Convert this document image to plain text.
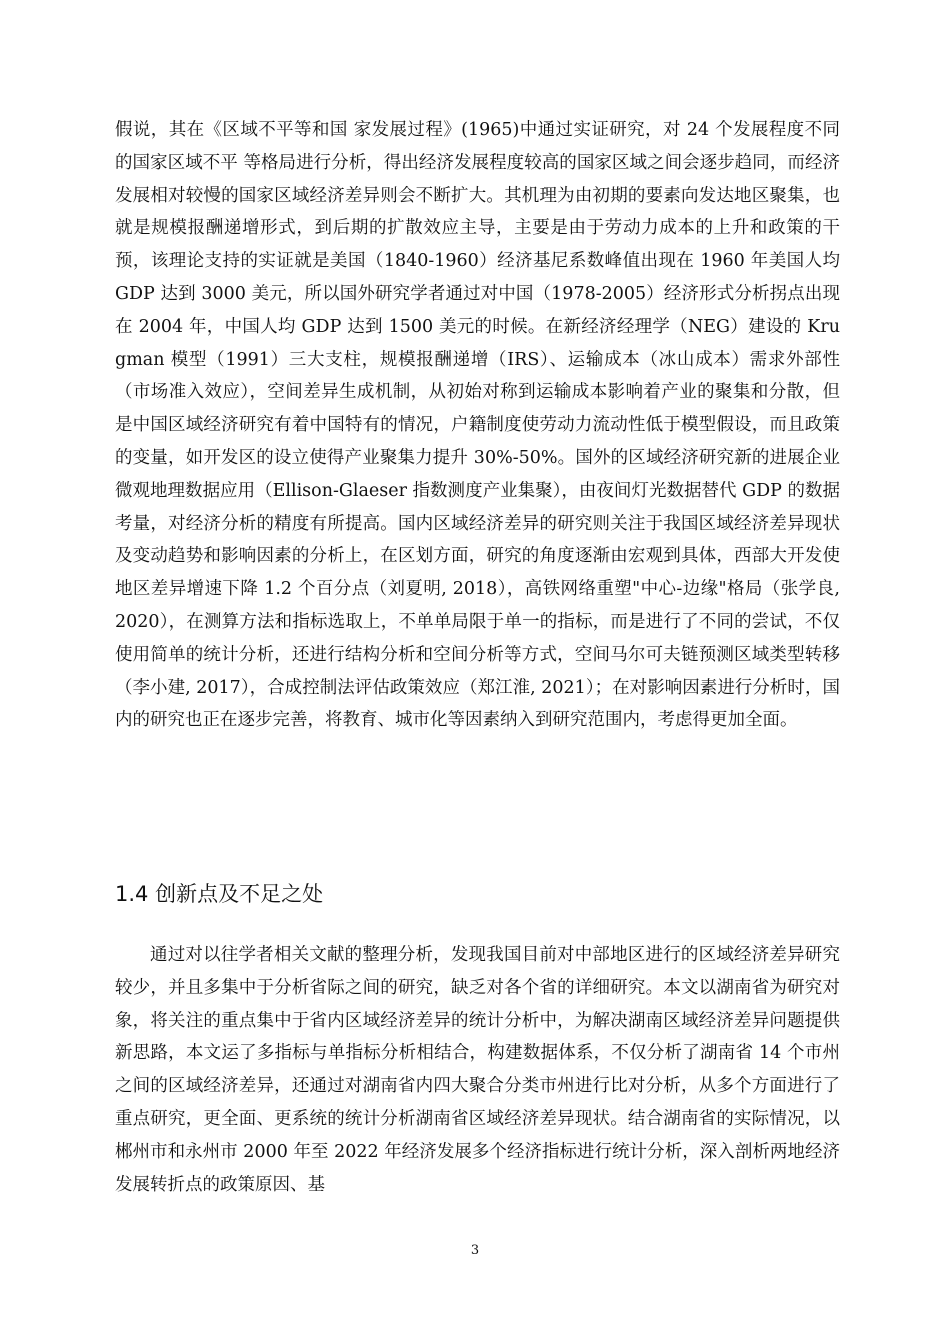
假说，其在《区域不平等和国 家发展过程》(1965)中通过实证研究，对 24 个发展程度不同的国家区域不平 等格局进行分析，得出经济发展程度较高的国家区域之间会逐步趋同，而经济发展相对较慢的国家区域经济差异则会不断扩大。其机理为由初期的要素向发达地区聚集，也就是规模报酬递增形式，到后期的扩散效应主导，主要是由于劳动力成本的上升和政策的干预，该理论支持的实证就是美国（1840-1960）经济基尼系数峰值出现在 1960 年美国人均 GDP 达到 3000 美元，所以国外研究学者通过对中国（1978-2005）经济形式分析拐点出现在 2004 年，中国人均 GDP 达到 1500 美元的时候。在新经济经理学（NEG）建设的 Krugman 模型（1991）三大支柱，规模报酬递增（IRS）、运输成本（冰山成本）需求外部性（市场准入效应），空间差异生成机制，从初始对称到运输成本影响着产业的聚集和分散，但是中国区域经济研究有着中国特有的情况，户籍制度使劳动力流动性低于模型假设，而且政策的变量，如开发区的设立使得产业聚集力提升 30%-50%。国外的区域经济研究新的进展企业微观地理数据应用（Ellison-Glaeser 指数测度产业集聚），由夜间灯光数据替代 GDP 的数据考量，对经济分析的精度有所提高。国内区域经济差异的研究则关注于我国区域经济差异现状及变动趋势和影响因素的分析上，在区划方面，研究的角度逐渐由宏观到具体，西部大开发使地区差异增速下降 1.2 个百分点（刘夏明, 2018），高铁网络重塑"中心-边缘"格局（张学良, 2020），在测算方法和指标选取上，不单单局限于单一的指标，而是进行了不同的尝试，不仅使用简单的统计分析，还进行结构分析和空间分析等方式，空间马尔可夫链预测区域类型转移（李小建, 2017），合成控制法评估政策效应（郑江淮, 2021）；在对影响因素进行分析时，国内的研究也正在逐步完善，将教育、城市化等因素纳入到研究范围内，考虑得更加全面。

1.4 创新点及不足之处

通过对以往学者相关文献的整理分析，发现我国目前对中部地区进行的区域经济差异研究较少，并且多集中于分析省际之间的研究，缺乏对各个省的详细研究。本文以湖南省为研究对象，将关注的重点集中于省内区域经济差异的统计分析中，为解决湖南区域经济差异问题提供新思路，本文运了多指标与单指标分析相结合，构建数据体系，不仅分析了湖南省 14 个市州之间的区域经济差异，还通过对湖南省内四大聚合分类市州进行比对分析，从多个方面进行了重点研究，更全面、更系统的统计分析湖南省区域经济差异现状。结合湖南省的实际情况，以郴州市和永州市 2000 年至 2022 年经济发展多个经济指标进行统计分析，深入剖析两地经济发展转折点的政策原因、基

3
